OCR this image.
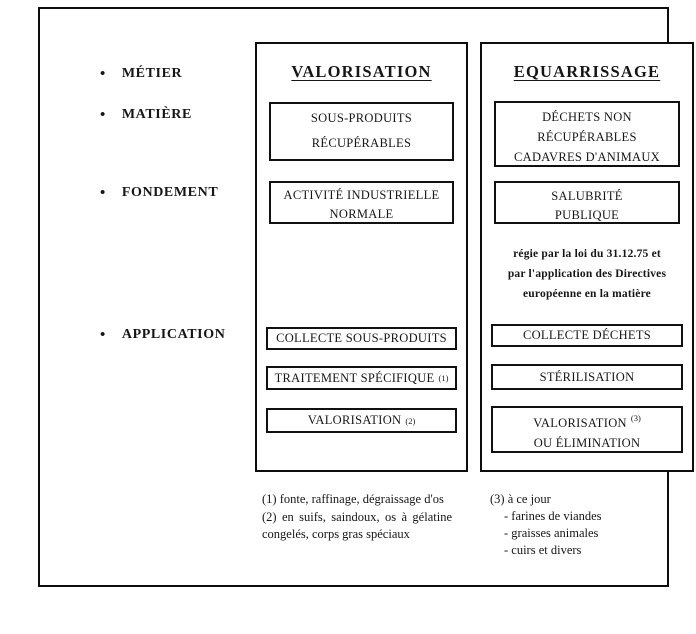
• MÉTIER
• MATIÈRE
• FONDEMENT
• APPLICATION
VALORISATION
SOUS-PRODUITS
RÉCUPÉRABLES
ACTIVITÉ INDUSTRIELLE
NORMALE
COLLECTE SOUS-PRODUITS
TRAITEMENT SPÉCIFIQUE (1)
VALORISATION (2)
EQUARRISSAGE
DÉCHETS NON
RÉCUPÉRABLES
CADAVRES D'ANIMAUX
SALUBRITÉ
PUBLIQUE
régie par la loi du 31.12.75 et
par l'application des Directives
européenne en la matière
COLLECTE DÉCHETS
STÉRILISATION
VALORISATION $^{(3)}$
OU ÉLIMINATION

(1) fonte, raffinage, dégraissage d'os

(2) en suifs, saindoux, os à gélatine congelés, corps gras spéciaux

(3) à ce jour

- farines de viandes

- graisses animales

- cuirs et divers
